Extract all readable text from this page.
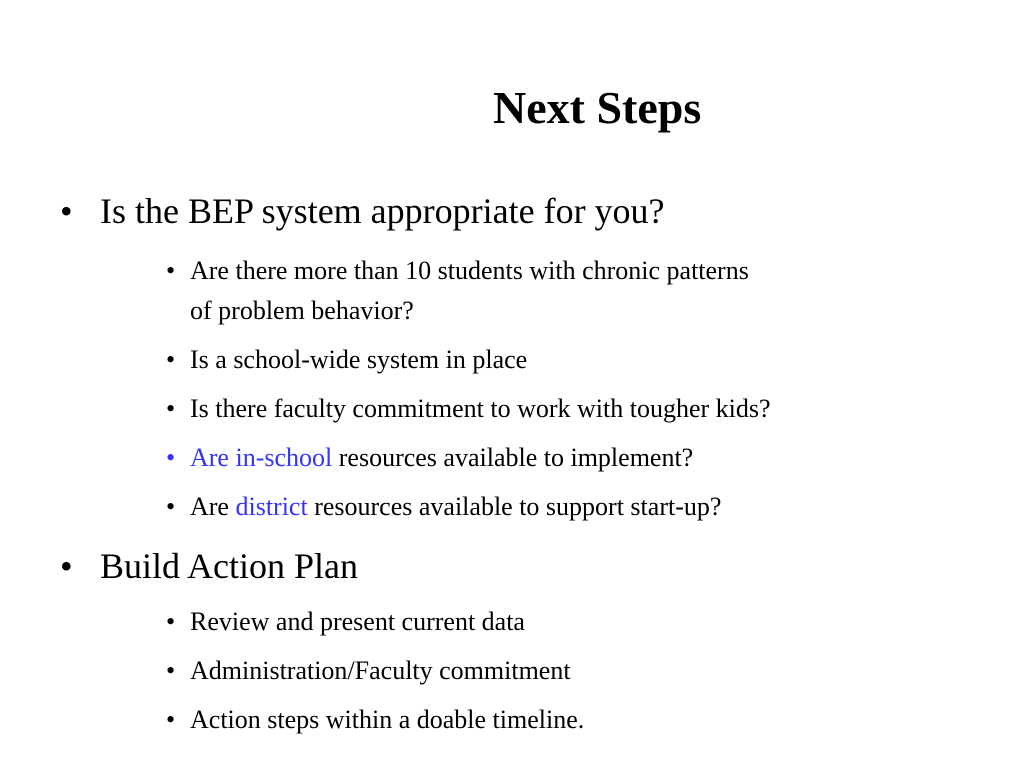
Next Steps
• Is the BEP system appropriate for you?
• Are there more than 10 students with chronic patterns
of problem behavior?
• Is a school-wide system in place
• Is there faculty commitment to work with tougher kids?
• Are in-school resources available to implement?
• Are district resources available to support start-up?
• Build Action Plan
• Review and present current data
• Administration/Faculty commitment
• Action steps within a doable timeline.
